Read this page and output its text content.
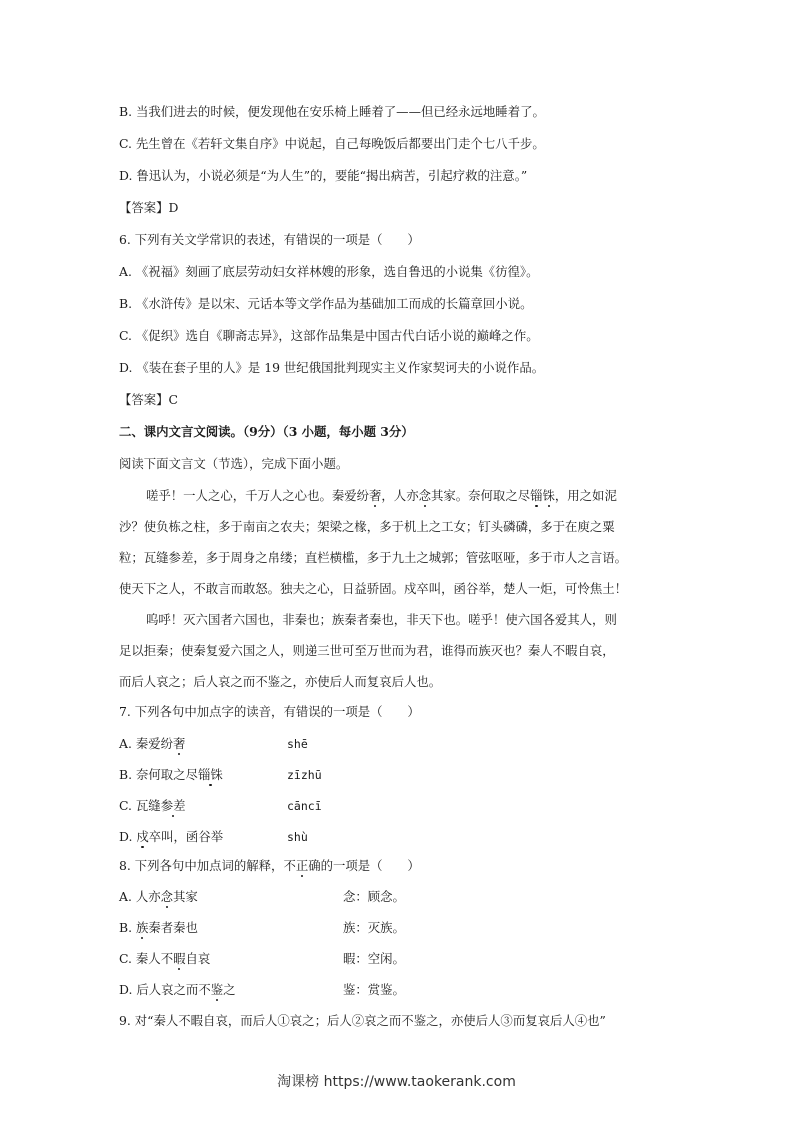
B. 当我们进去的时候，便发现他在安乐椅上睡着了——但已经永远地睡着了。
C. 先生曾在《若轩文集自序》中说起，自己每晚饭后都要出门走个七八千步。
D. 鲁迅认为，小说必须是“为人生”的，要能“揭出病苦，引起疗救的注意。”
【答案】D
6. 下列有关文学常识的表述，有错误的一项是（　　）
A. 《祝福》刻画了底层劳动妇女祥林嫂的形象，选自鲁迅的小说集《彷徨》。
B. 《水浒传》是以宋、元话本等文学作品为基础加工而成的长篇章回小说。
C. 《促织》选自《聊斋志异》，这部作品集是中国古代白话小说的巅峰之作。
D. 《装在套子里的人》是 19 世纪俄国批判现实主义作家契诃夫的小说作品。
【答案】C
二、课内文言文阅读。（9分）（3 小题，每小题 3分）
阅读下面文言文（节选），完成下面小题。
嗟乎！一人之心，千万人之心也。秦爱纷奢，人亦念其家。奈何取之尽锱铢，用之如泥
沙？使负栋之柱，多于南亩之农夫；架梁之椽，多于机上之工女；钉头磷磷，多于在庾之粟
粒；瓦缝参差，多于周身之帛缕；直栏横槛，多于九土之城郭；管弦呕哑，多于市人之言语。
使天下之人，不敢言而敢怒。独夫之心，日益骄固。戍卒叫，函谷举，楚人一炬，可怜焦土！
呜呼！灭六国者六国也，非秦也；族秦者秦也，非天下也。嗟乎！使六国各爱其人，则
足以拒秦；使秦复爱六国之人，则递三世可至万世而为君，谁得而族灭也？秦人不暇自哀，
而后人哀之；后人哀之而不鉴之，亦使后人而复哀后人也。
7. 下列各句中加点字的读音，有错误的一项是（　　）
A. 秦爱纷奢	shē
B. 奈何取之尽锱铢	zīzhū
C. 瓦缝参差	cāncī
D. 戍卒叫，函谷举	shù
8. 下列各句中加点词的解释，不正确的一项是（　　）
A. 人亦念其家	念：顾念。
B. 族秦者秦也	族：灭族。
C. 秦人不暇自哀	暇：空闲。
D. 后人哀之而不鉴之	鉴：赏鉴。
9. 对“秦人不暇自哀，而后人①哀之；后人②哀之而不鉴之，亦使后人③而复哀后人④也”
淘课榜 https://www.taokerank.com
